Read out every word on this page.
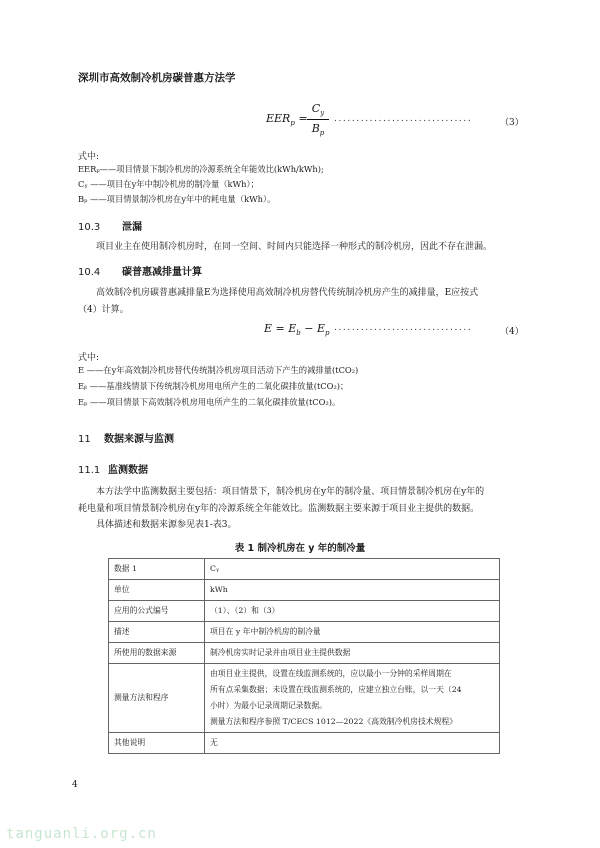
深圳市高效制冷机房碳普惠方法学
$EER_p$ =
$C_y$
$B_p$
...............................	（3）
式中:
EERₚ——项目情景下制冷机房的冷源系统全年能效比(kWh/kWh);
Cᵧ ——项目在y年中制冷机房的制冷量（kWh）；
Bₚ ——项目情景制冷机房在y年中的耗电量（kWh）。
10.3 泄漏
项目业主在使用制冷机房时，在同一空间、时间内只能选择一种形式的制冷机房，因此不存在泄漏。
10.4 碳普惠减排量计算
高效制冷机房碳普惠减排量E为选择使用高效制冷机房替代传统制冷机房产生的减排量，E应按式
（4）计算。
$E = E_b - E_p$
...............................	（4）
式中:
E ——在y年高效制冷机房替代传统制冷机房项目活动下产生的减排量(tCO₂)
Eᵦ ——基准线情景下传统制冷机房用电所产生的二氧化碳排放量(tCO₂)；
Eₚ ——项目情景下高效制冷机房用电所产生的二氧化碳排放量(tCO₂)。
11 数据来源与监测
11.1 监测数据
本方法学中监测数据主要包括：项目情景下，制冷机房在y年的制冷量、项目情景制冷机房在y年的
耗电量和项目情景制冷机房在y年的冷源系统全年能效比。监测数据主要来源于项目业主提供的数据。
具体描述和数据来源参见表1-表3。
表 1 制冷机房在 y 年的制冷量
数据 1	Cᵧ
单位	kWh
应用的公式编号	（1）、（2）和（3）
描述	项目在 y 年中制冷机房的制冷量
所使用的数据来源	制冷机房实时记录并由项目业主提供数据
测量方法和程序	由项目业主提供，设置在线监测系统的，应以最小一分钟的采样周期在
所有点采集数据；未设置在线监测系统的，应建立独立台账，以一天（24
小时）为最小记录周期记录数据。
测量方法和程序参照 T/CECS 1012—2022《高效制冷机房技术规程》

其他说明	无
4
tanguanli.org.cn
